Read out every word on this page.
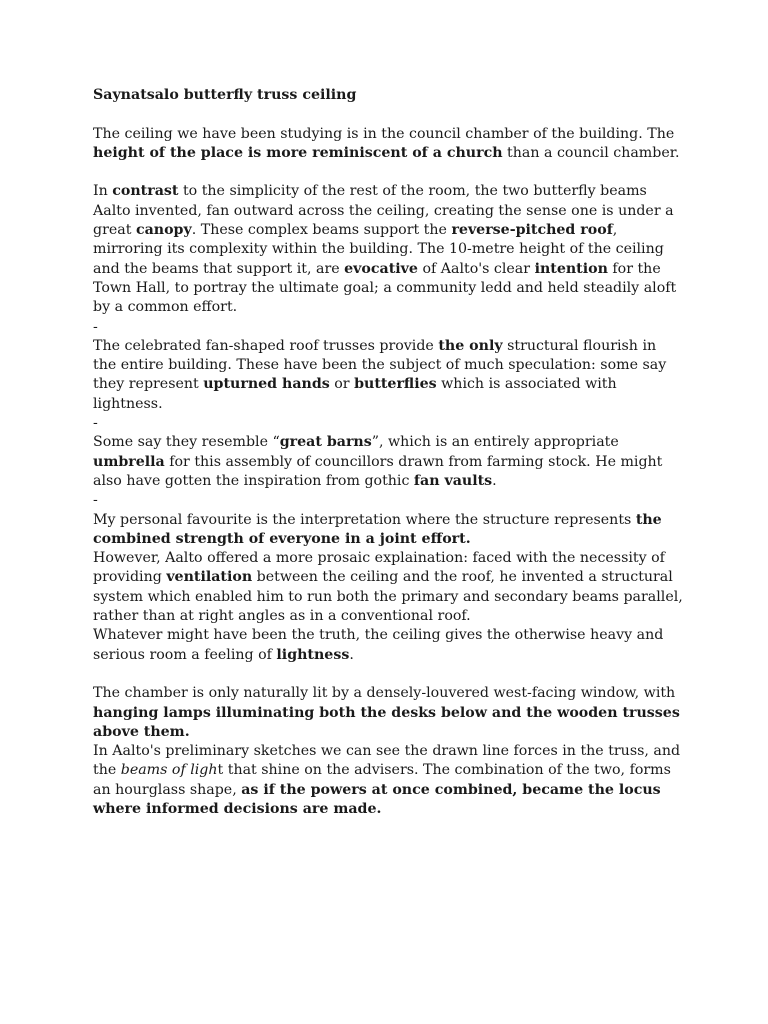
Saynatsalo butterfly truss ceiling

The ceiling we have been studying is in the council chamber of the building. The height of the place is more reminiscent of a church than a council chamber.

In contrast to the simplicity of the rest of the room, the two butterfly beams Aalto invented, fan outward across the ceiling, creating the sense one is under a great canopy. These complex beams support the reverse-pitched roof, mirroring its complexity within the building. The 10-metre height of the ceiling and the beams that support it, are evocative of Aalto's clear intention for the Town Hall, to portray the ultimate goal; a community ledd and held steadily aloft by a common effort.

-

The celebrated fan-shaped roof trusses provide the only structural flourish in the entire building. These have been the subject of much speculation: some say they represent upturned hands or butterflies which is associated with lightness.

-

Some say they resemble “great barns”, which is an entirely appropriate umbrella for this assembly of councillors drawn from farming stock. He might also have gotten the inspiration from gothic fan vaults.

-

My personal favourite is the interpretation where the structure represents the combined strength of everyone in a joint effort.

However, Aalto offered a more prosaic explaination: faced with the necessity of providing ventilation between the ceiling and the roof, he invented a structural system which enabled him to run both the primary and secondary beams parallel, rather than at right angles as in a conventional roof.

Whatever might have been the truth, the ceiling gives the otherwise heavy and serious room a feeling of lightness.

The chamber is only naturally lit by a densely-louvered west-facing window, with hanging lamps illuminating both the desks below and the wooden trusses above them.

In Aalto's preliminary sketches we can see the drawn line forces in the truss, and the beams of light that shine on the advisers. The combination of the two, forms an hourglass shape, as if the powers at once combined, became the locus where informed decisions are made.
